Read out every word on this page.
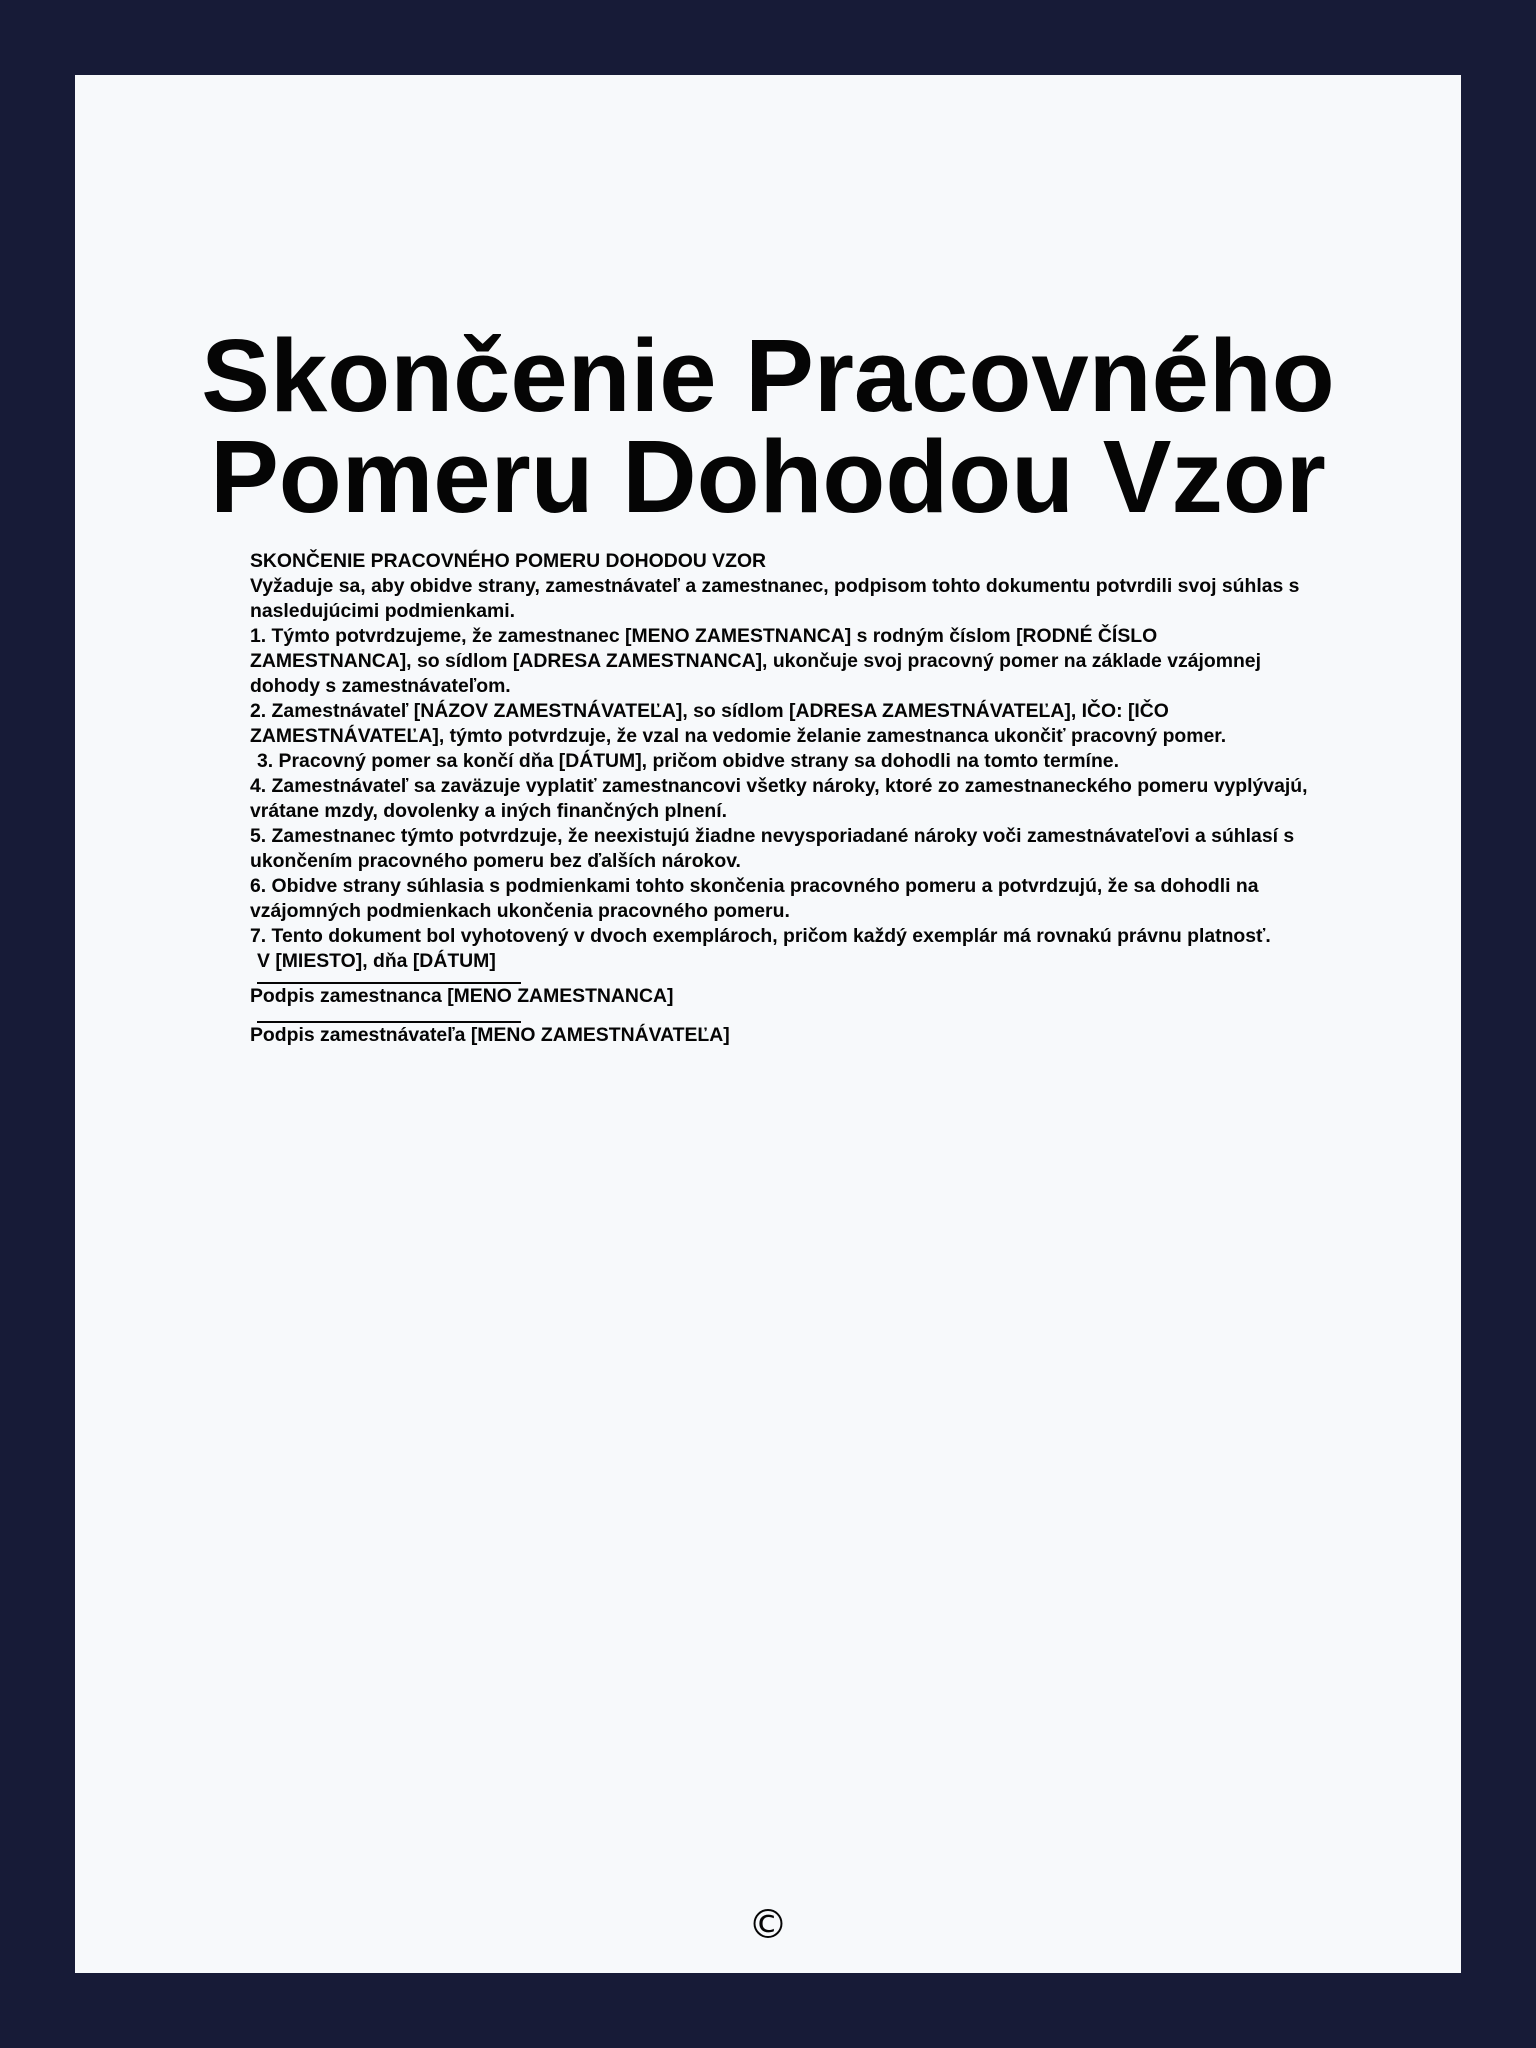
Skončenie Pracovného Pomeru Dohodou Vzor

SKONČENIE PRACOVNÉHO POMERU DOHODOU VZOR

Vyžaduje sa, aby obidve strany, zamestnávateľ a zamestnanec, podpisom tohto dokumentu potvrdili svoj súhlas s nasledujúcimi podmienkami.

1. Týmto potvrdzujeme, že zamestnanec [MENO ZAMESTNANCA] s rodným číslom [RODNÉ ČÍSLO ZAMESTNANCA], so sídlom [ADRESA ZAMESTNANCA], ukončuje svoj pracovný pomer na základe vzájomnej dohody s zamestnávateľom.

2. Zamestnávateľ [NÁZOV ZAMESTNÁVATEĽA], so sídlom [ADRESA ZAMESTNÁVATEĽA], IČO: [IČO ZAMESTNÁVATEĽA], týmto potvrdzuje, že vzal na vedomie želanie zamestnanca ukončiť pracovný pomer.

3. Pracovný pomer sa končí dňa [DÁTUM], pričom obidve strany sa dohodli na tomto termíne.

4. Zamestnávateľ sa zaväzuje vyplatiť zamestnancovi všetky nároky, ktoré zo zamestnaneckého pomeru vyplývajú, vrátane mzdy, dovolenky a iných finančných plnení.

5. Zamestnanec týmto potvrdzuje, že neexistujú žiadne nevysporiadané nároky voči zamestnávateľovi a súhlasí s ukončením pracovného pomeru bez ďalších nárokov.

6. Obidve strany súhlasia s podmienkami tohto skončenia pracovného pomeru a potvrdzujú, že sa dohodli na vzájomných podmienkach ukončenia pracovného pomeru.

7. Tento dokument bol vyhotovený v dvoch exemplároch, pričom každý exemplár má rovnakú právnu platnosť.

V [MIESTO], dňa [DÁTUM]

Podpis zamestnanca [MENO ZAMESTNANCA]

Podpis zamestnávateľa [MENO ZAMESTNÁVATEĽA]

©
